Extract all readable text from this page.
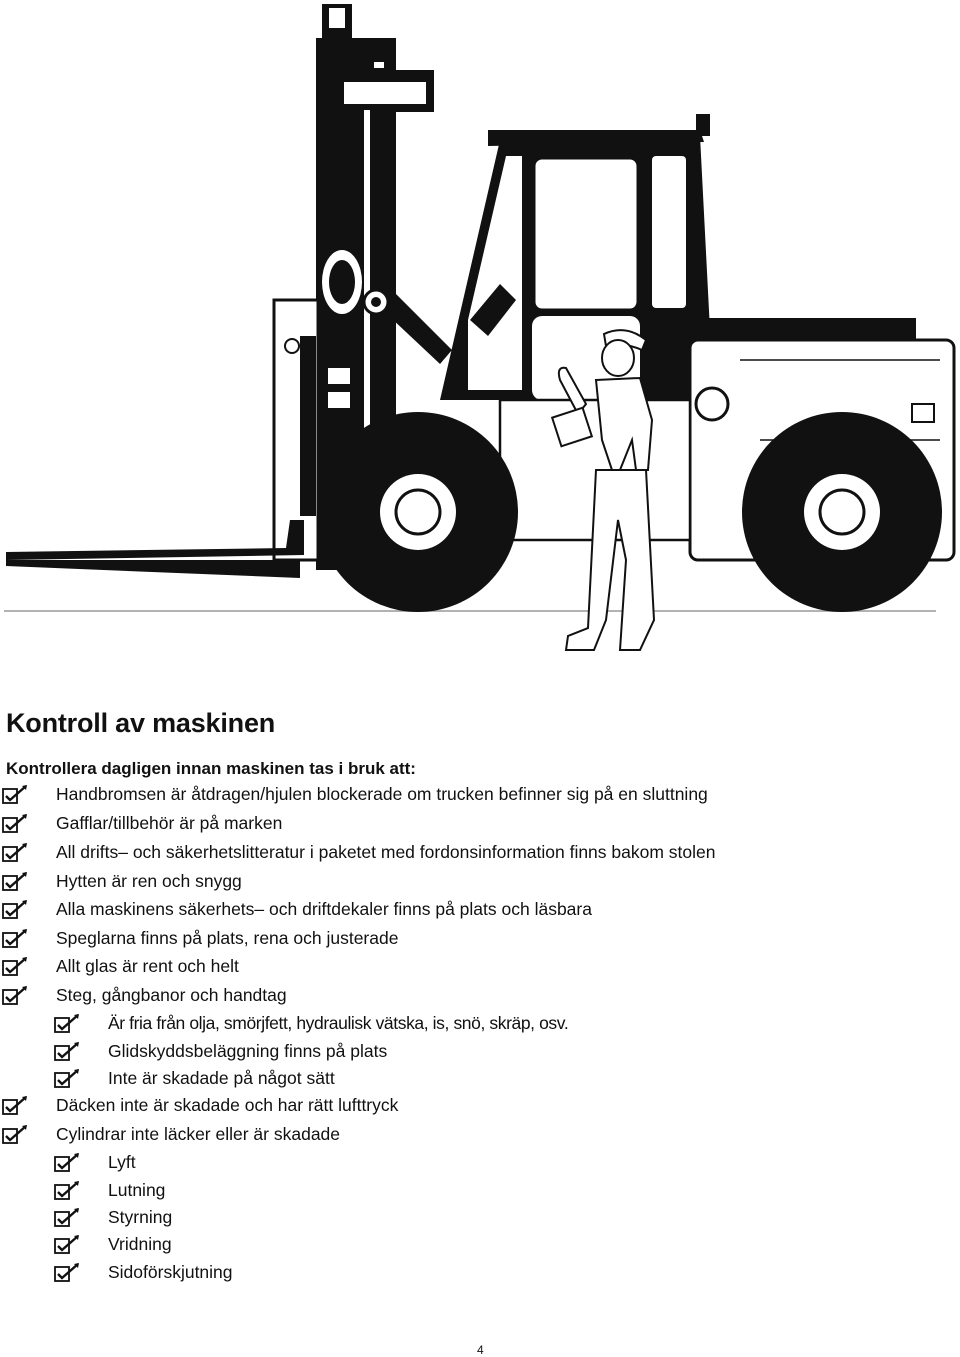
Kontroll av maskinen
Kontrollera dagligen innan maskinen tas i bruk att:
Handbromsen är åtdragen/hjulen blockerade om trucken befinner sig på en sluttning
Gafflar/tillbehör är på marken
All drifts– och säkerhetslitteratur i paketet med fordonsinformation finns bakom stolen
Hytten är ren och snygg
Alla maskinens säkerhets– och driftdekaler finns på plats och läsbara
Speglarna finns på plats, rena och justerade
Allt glas är rent och helt
Steg, gångbanor och handtag
Är fria från olja, smörjfett, hydraulisk vätska, is, snö, skräp, osv.
Glidskyddsbeläggning finns på plats
Inte är skadade på något sätt
Däcken inte är skadade och har rätt lufttryck
Cylindrar inte läcker eller är skadade
Lyft
Lutning
Styrning
Vridning
Sidoförskjutning
4
